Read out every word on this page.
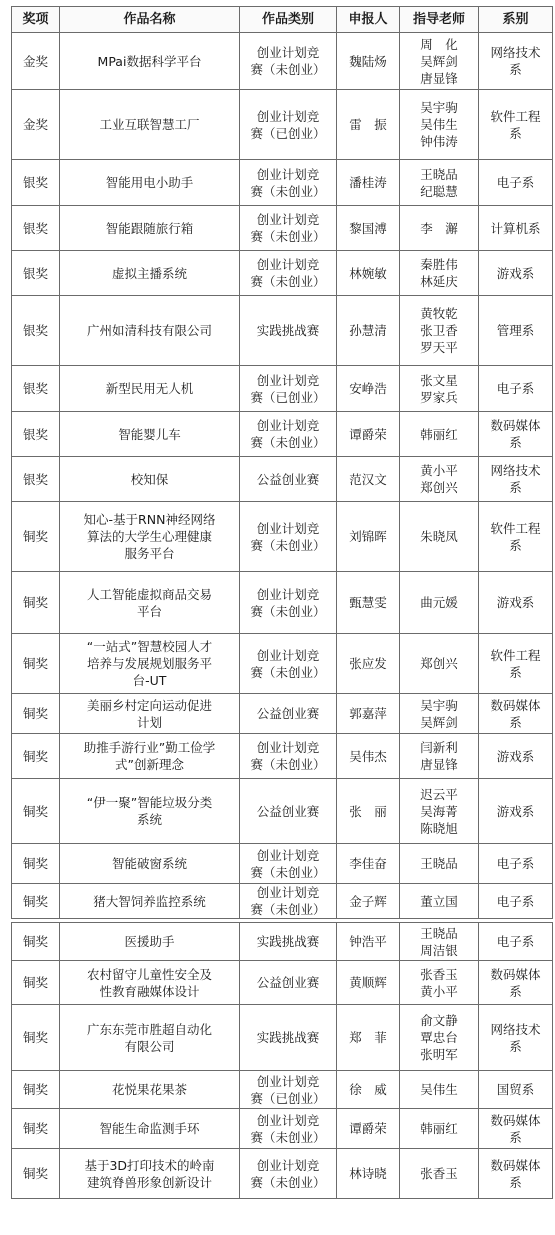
奖项	作品名称	作品类别	申报人	指导老师	系别
金奖	MPai数据科学平台	创业计划竞
赛（未创业）	魏陆炀	周　化
吴辉剑
唐显锋	网络技术
系
金奖	工业互联智慧工厂	创业计划竞
赛（已创业）	雷　振	吴宇驹
吴伟生
钟伟涛	软件工程
系
银奖	智能用电小助手	创业计划竞
赛（未创业）	潘桂涛	王晓品
纪聪慧	电子系
银奖	智能跟随旅行箱	创业计划竞
赛（未创业）	黎国溥	李　澥	计算机系
银奖	虚拟主播系统	创业计划竞
赛（未创业）	林婉敏	秦胜伟
林延庆	游戏系
银奖	广州如清科技有限公司	实践挑战赛	孙慧清	黄牧乾
张卫香
罗天平	管理系
银奖	新型民用无人机	创业计划竞
赛（已创业）	安峥浩	张文星
罗家兵	电子系
银奖	智能婴儿车	创业计划竞
赛（未创业）	谭爵荣	韩丽红	数码媒体
系
银奖	校知保	公益创业赛	范汉文	黄小平
郑创兴	网络技术
系
铜奖	知心-基于RNN神经网络
算法的大学生心理健康
服务平台	创业计划竞
赛（未创业）	刘锦晖	朱晓凤	软件工程
系
铜奖	人工智能虚拟商品交易
平台	创业计划竞
赛（未创业）	甄慧雯	曲元媛	游戏系
铜奖	“一站式”智慧校园人才
培养与发展规划服务平
台-UT	创业计划竞
赛（未创业）	张应发	郑创兴	软件工程
系
铜奖	美丽乡村定向运动促进
计划	公益创业赛	郭嘉萍	吴宇驹
吴辉剑	数码媒体
系
铜奖	助推手游行业”勤工俭学
式”创新理念	创业计划竞
赛（未创业）	吴伟杰	闫新利
唐显锋	游戏系
铜奖	“伊一聚”智能垃圾分类
系统	公益创业赛	张　丽	迟云平
吴海菁
陈晓旭	游戏系
铜奖	智能破窗系统	创业计划竞
赛（未创业）	李佳奋	王晓品	电子系
铜奖	猪大智饲养监控系统	创业计划竞
赛（未创业）	金子辉	董立国	电子系
铜奖	医援助手	实践挑战赛	钟浩平	王晓品
周洁银	电子系
铜奖	农村留守儿童性安全及
性教育融媒体设计	公益创业赛	黄顺辉	张香玉
黄小平	数码媒体
系
铜奖	广东东莞市胜超自动化
有限公司	实践挑战赛	郑　菲	俞文静
覃忠台
张明军	网络技术
系
铜奖	花悦果花果茶	创业计划竞
赛（已创业）	徐　威	吴伟生	国贸系
铜奖	智能生命监测手环	创业计划竞
赛（未创业）	谭爵荣	韩丽红	数码媒体
系
铜奖	基于3D打印技术的岭南
建筑脊兽形象创新设计	创业计划竞
赛（未创业）	林诗晓	张香玉	数码媒体
系
